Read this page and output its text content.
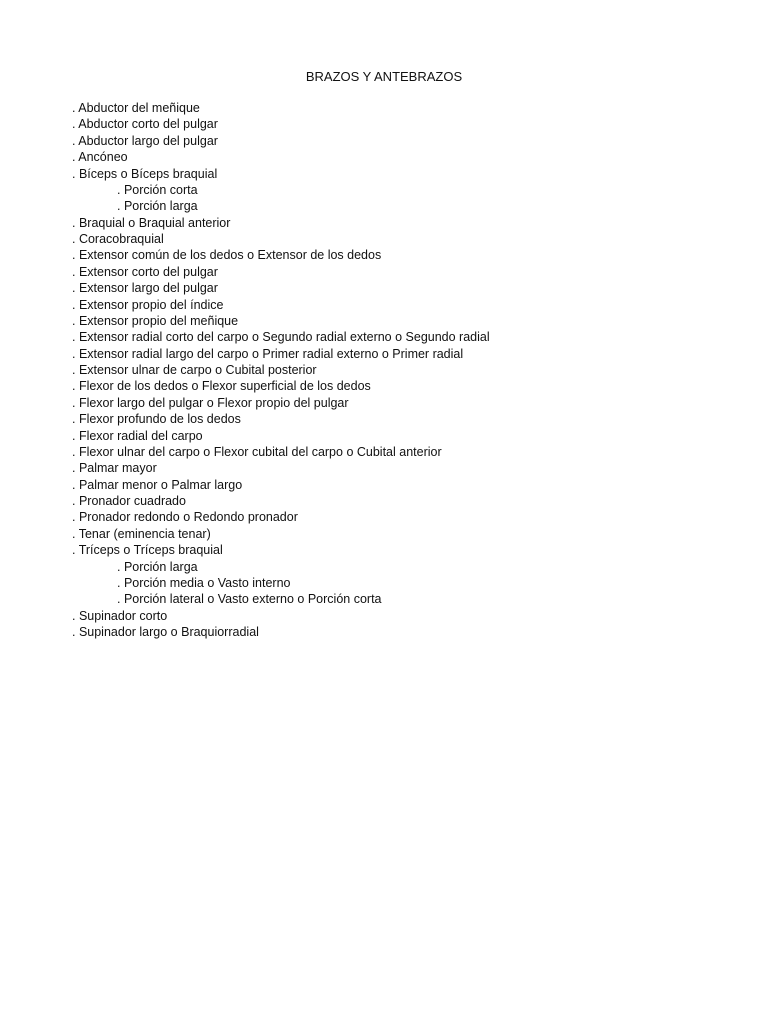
BRAZOS Y ANTEBRAZOS
. Abductor del meñique
. Abductor corto del pulgar
. Abductor largo del pulgar
. Ancóneo
. Bíceps o Bíceps braquial
. Porción corta
. Porción larga
. Braquial o Braquial anterior
. Coracobraquial
. Extensor común de los dedos o Extensor de los dedos
. Extensor corto del pulgar
. Extensor largo del pulgar
. Extensor propio del índice
. Extensor propio del meñique
. Extensor radial corto del carpo o Segundo radial externo o Segundo radial
. Extensor radial largo del carpo o Primer radial externo o Primer radial
. Extensor ulnar de carpo o Cubital posterior
. Flexor de los dedos o Flexor superficial de los dedos
. Flexor largo del pulgar o Flexor propio del pulgar
. Flexor profundo de los dedos
. Flexor radial del carpo
. Flexor ulnar del carpo o Flexor cubital del carpo o Cubital anterior
. Palmar mayor
. Palmar menor o Palmar largo
. Pronador cuadrado
. Pronador redondo o Redondo pronador
. Tenar (eminencia tenar)
. Tríceps o Tríceps braquial
. Porción larga
. Porción media o Vasto interno
. Porción lateral o Vasto externo o Porción corta
. Supinador corto
. Supinador largo o Braquiorradial
